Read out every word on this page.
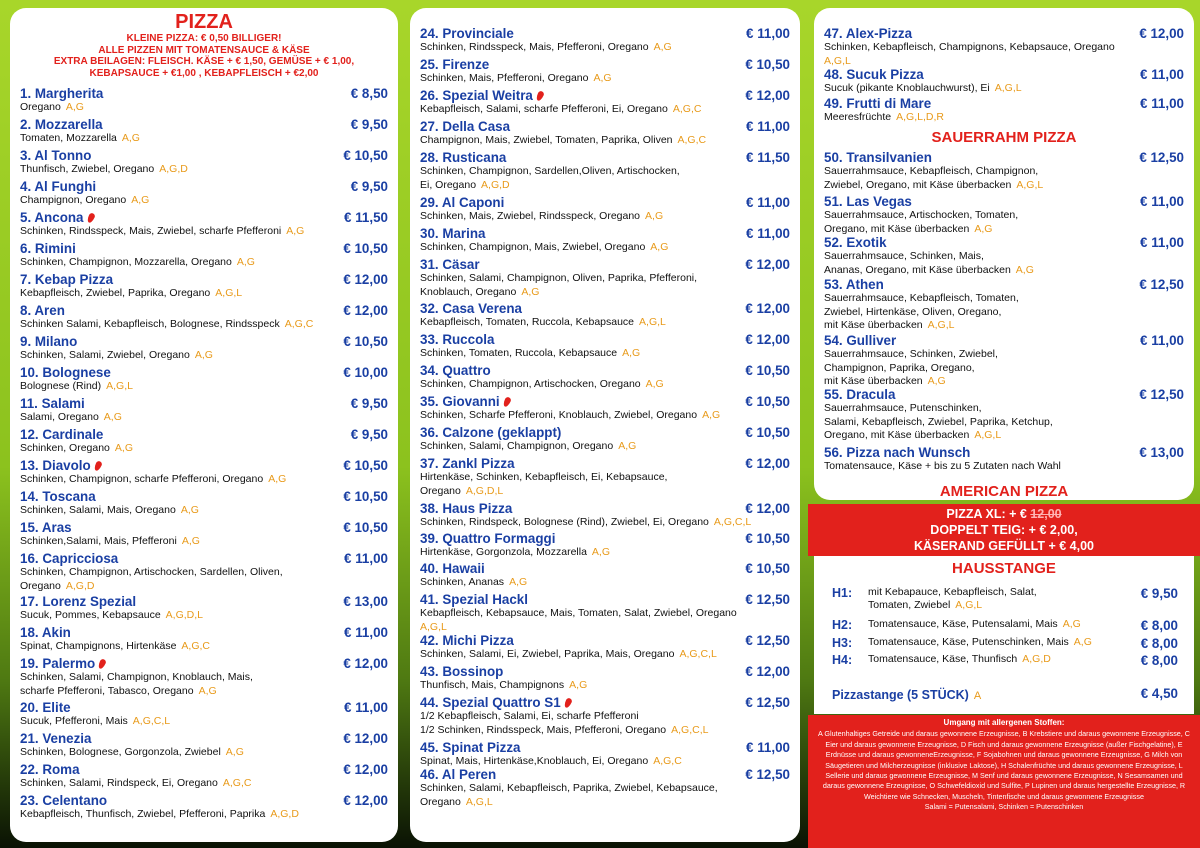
PIZZA
KLEINE PIZZA: € 0,50 BILLIGER!
ALLE PIZZEN MIT TOMATENSAUCE & KÄSE
EXTRA BEILAGEN: FLEISCH. KÄSE + € 1,50, GEMÜSE + € 1,00,
KEBAPSAUCE + €1,00 , KEBAPFLEISCH + €2,00
1. Margherita	€ 8,50
Oregano A,G
2. Mozzarella	€ 9,50
Tomaten, Mozzarella A,G
3. Al Tonno	€ 10,50
Thunfisch, Zwiebel, Oregano A,G,D
4. Al Funghi	€ 9,50
Champignon, Oregano A,G
5. Ancona	€ 11,50
Schinken, Rindsspeck, Mais, Zwiebel, scharfe Pfefferoni A,G
6. Rimini	€ 10,50
Schinken, Champignon, Mozzarella, Oregano A,G
7. Kebap Pizza	€ 12,00
Kebapfleisch, Zwiebel, Paprika, Oregano A,G,L
8. Aren	€ 12,00
Schinken Salami, Kebapfleisch, Bolognese, Rindsspeck A,G,C
9. Milano	€ 10,50
Schinken, Salami, Zwiebel, Oregano A,G
10. Bolognese	€ 10,00
Bolognese (Rind) A,G,L
11. Salami	€ 9,50
Salami, Oregano A,G
12. Cardinale	€ 9,50
Schinken, Oregano A,G
13. Diavolo	€ 10,50
Schinken, Champignon, scharfe Pfefferoni, Oregano A,G
14. Toscana	€ 10,50
Schinken, Salami, Mais, Oregano A,G
15. Aras	€ 10,50
Schinken,Salami, Mais, Pfefferoni A,G
16. Capricciosa	€ 11,00
Schinken, Champignon, Artischocken, Sardellen, Oliven,
Oregano A,G,D
17. Lorenz Spezial	€ 13,00
Sucuk, Pommes, Kebapsauce A,G,D,L
18. Akin	€ 11,00
Spinat, Champignons, Hirtenkäse A,G,C
19. Palermo	€ 12,00
Schinken, Salami, Champignon, Knoblauch, Mais,
scharfe Pfefferoni, Tabasco, Oregano A,G
20. Elite	€ 11,00
Sucuk, Pfefferoni, Mais A,G,C,L
21. Venezia	€ 12,00
Schinken, Bolognese, Gorgonzola, Zwiebel A,G
22. Roma	€ 12,00
Schinken, Salami, Rindspeck, Ei, Oregano A,G,C
23. Celentano	€ 12,00
Kebapfleisch, Thunfisch, Zwiebel, Pfefferoni, Paprika A,G,D
24. Provinciale	€ 11,00
Schinken, Rindsspeck, Mais, Pfefferoni, Oregano A,G
25. Firenze	€ 10,50
Schinken, Mais, Pfefferoni, Oregano A,G
26. Spezial Weitra	€ 12,00
Kebapfleisch, Salami, scharfe Pfefferoni, Ei, Oregano A,G,C
27. Della Casa	€ 11,00
Champignon, Mais, Zwiebel, Tomaten, Paprika, Oliven A,G,C
28. Rusticana	€ 11,50
Schinken, Champignon, Sardellen,Oliven, Artischocken,
Ei, Oregano A,G,D
29. Al Caponi	€ 11,00
Schinken, Mais, Zwiebel, Rindsspeck, Oregano A,G
30. Marina	€ 11,00
Schinken, Champignon, Mais, Zwiebel, Oregano A,G
31. Cäsar	€ 12,00
Schinken, Salami, Champignon, Oliven, Paprika, Pfefferoni,
Knoblauch, Oregano A,G
32. Casa Verena	€ 12,00
Kebapfleisch, Tomaten, Ruccola, Kebapsauce A,G,L
33. Ruccola	€ 12,00
Schinken, Tomaten, Ruccola, Kebapsauce A,G
34. Quattro	€ 10,50
Schinken, Champignon, Artischocken, Oregano A,G
35. Giovanni	€ 10,50
Schinken, Scharfe Pfefferoni, Knoblauch, Zwiebel, Oregano A,G
36. Calzone (geklappt)	€ 10,50
Schinken, Salami, Champignon, Oregano A,G
37. Zankl Pizza	€ 12,00
Hirtenkäse, Schinken, Kebapfleisch, Ei, Kebapsauce,
Oregano A,G,D,L
38. Haus Pizza	€ 12,00
Schinken, Rindspeck, Bolognese (Rind), Zwiebel, Ei, Oregano A,G,C,L
39. Quattro Formaggi	€ 10,50
Hirtenkäse, Gorgonzola, Mozzarella A,G
40. Hawaii	€ 10,50
Schinken, Ananas A,G
41. Spezial Hackl	€ 12,50
Kebapfleisch, Kebapsauce, Mais, Tomaten, Salat, Zwiebel, Oregano
A,G,L
42. Michi Pizza	€ 12,50
Schinken, Salami, Ei, Zwiebel, Paprika, Mais, Oregano A,G,C,L
43. Bossinop	€ 12,00
Thunfisch, Mais, Champignons A,G
44. Spezial Quattro S1	€ 12,50
1/2 Kebapfleisch, Salami, Ei, scharfe Pfefferoni
1/2 Schinken, Rindsspeck, Mais, Pfefferoni, Oregano A,G,C,L
45. Spinat Pizza	€ 11,00
Spinat, Mais, Hirtenkäse,Knoblauch, Ei, Oregano A,G,C
46. Al Peren	€ 12,50
Schinken, Salami, Kebapfleisch, Paprika, Zwiebel, Kebapsauce,
Oregano A,G,L
47. Alex-Pizza	€ 12,00
Schinken, Kebapfleisch, Champignons, Kebapsauce, Oregano
A,G,L
48. Sucuk Pizza	€ 11,00
Sucuk (pikante Knoblauchwurst), Ei A,G,L
49. Frutti di Mare	€ 11,00
Meeresfrüchte A,G,L,D,R
SAUERRAHM PIZZA
50. Transilvanien	€ 12,50
Sauerrahmsauce, Kebapfleisch, Champignon,
Zwiebel, Oregano, mit Käse überbacken A,G,L
51. Las Vegas	€ 11,00
Sauerrahmsauce, Artischocken, Tomaten,
Oregano, mit Käse überbacken A,G
52. Exotik	€ 11,00
Sauerrahmsauce, Schinken, Mais,
Ananas, Oregano, mit Käse überbacken A,G
53. Athen	€ 12,50
Sauerrahmsauce, Kebapfleisch, Tomaten,
Zwiebel, Hirtenkäse, Oliven, Oregano,
mit Käse überbacken A,G,L
54. Gulliver	€ 11,00
Sauerrahmsauce, Schinken, Zwiebel,
Champignon, Paprika, Oregano,
mit Käse überbacken A,G
55. Dracula	€ 12,50
Sauerrahmsauce, Putenschinken,
Salami, Kebapfleisch, Zwiebel, Paprika, Ketchup,
Oregano, mit Käse überbacken A,G,L
56. Pizza nach Wunsch	€ 13,00
Tomatensauce, Käse + bis zu 5 Zutaten nach Wahl
AMERICAN PIZZA
PIZZA XL: + € 12,00
DOPPELT TEIG: + € 2,00,
KÄSERAND GEFÜLLT + € 4,00
HAUSSTANGE
H1: mit Kebapauce, Kebapfleisch, Salat,
Tomaten, Zwiebel A,G,L
€ 9,50
H2: Tomatensauce, Käse, Putensalami, Mais A,G	€ 8,00
H3: Tomatensauce, Käse, Putenschinken, Mais A,G	€ 8,00
H4: Tomatensauce, Käse, Thunfisch A,G,D	€ 8,00
Pizzastange (5 STÜCK) A	€ 4,50
Umgang mit allergenen Stoffen:
A Glutenhaltiges Getreide und daraus gewonnene Erzeugnisse, B Krebstiere und daraus gewonnene Erzeugnisse, C Eier und daraus gewonnene Erzeugnisse, D Fisch und daraus gewonnene Erzeugnisse (außer Fischgelatine), E Erdnüsse und daraus gewonneneErzeugnisse, F Sojabohnen und daraus gewonnene Erzeugnisse, G Milch von Säugetieren und Milcherzeugnisse (inklusive Laktose), H Schalenfrüchte und daraus gewonnene Erzeugnisse, L Sellerie und daraus gewonnene Erzeugnisse, M Senf und daraus gewonnene Erzeugnisse, N Sesamsamen und daraus gewonnene Erzeugnisse, O Schwefeldioxid und Sulfite, P Lupinen und daraus hergestellte Erzeugnisse, R Weichtiere wie Schnecken, Muscheln, Tintenfische und daraus gewonnene Erzeugnisse
Salami = Putensalami, Schinken = Putenschinken
